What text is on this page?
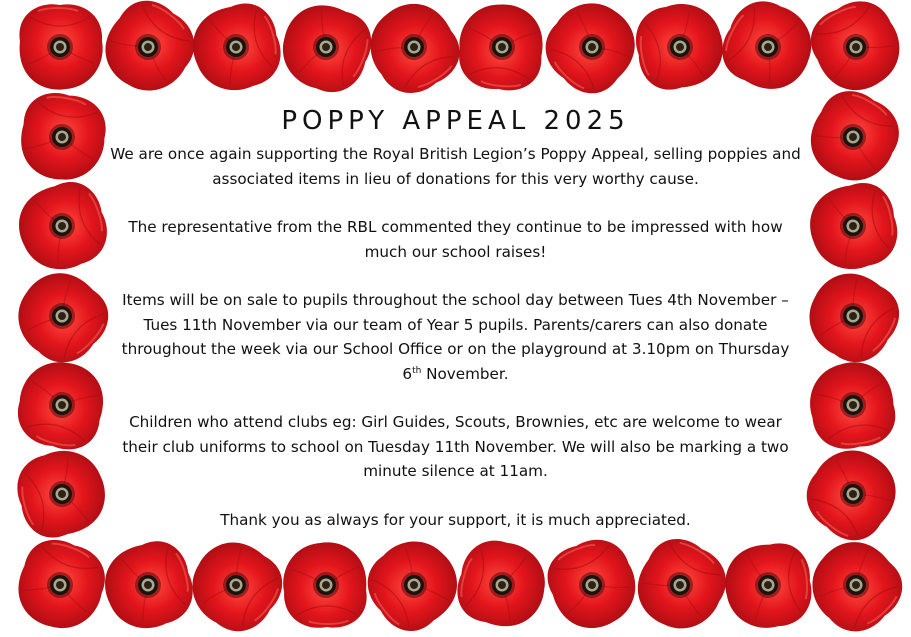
POPPY APPEAL 2025

We are once again supporting the Royal British Legion’s Poppy Appeal, selling poppies and associated items in lieu of donations for this very worthy cause.

The representative from the RBL commented they continue to be impressed with how much our school raises!

Items will be on sale to pupils throughout the school day between Tues 4th November – Tues 11th November via our team of Year 5 pupils. Parents/carers can also donate throughout the week via our School Office or on the playground at 3.10pm on Thursday 6th November.

Children who attend clubs eg: Girl Guides, Scouts, Brownies, etc are welcome to wear their club uniforms to school on Tuesday 11th November. We will also be marking a two minute silence at 11am.

Thank you as always for your support, it is much appreciated.
